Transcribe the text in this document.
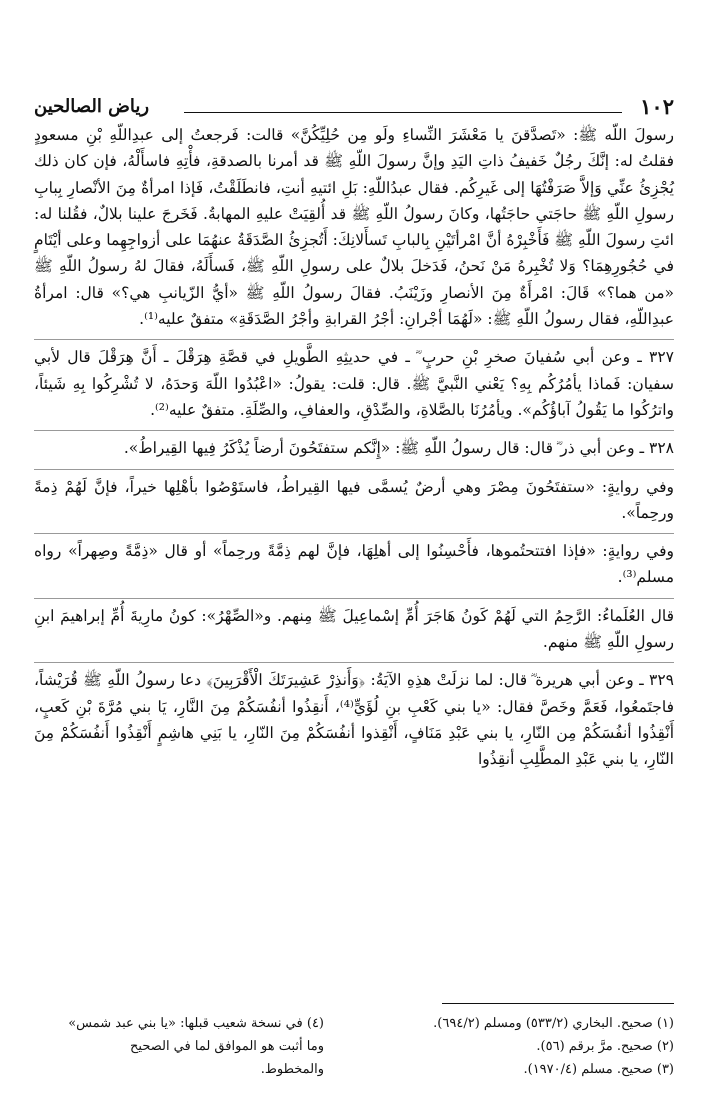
١٠٢
رياض الصالحين

رسولَ اللّه ﷺ: «تَصدَّقنَ يا مَعْشَرَ النِّساءِ ولَو مِن حُلِيِّكُنَّ» قالت: فَرجعتُ إلى عبدِاللّهِ بْنِ مسعودٍ فقلتُ له: إنَّكَ رجُلٌ خَفيفُ ذاتِ اليَدِ وإنَّ رسولَ اللّهِ ﷺ قد أمرنا بالصدقةِ، فأْتِهِ فاسأَلْهُ، فإن كان ذلك يُجْزِئُ عنِّي وَإلاَّ صَرَفْتُهَا إلى غَيرِكُم. فقال عبدُاللّهِ: بَلِ ائتيهِ أنتِ، فانطَلَقْتُ، فَإذا امرأةٌ مِنَ الأنْصارِ بِبابِ رسولِ اللّهِ ﷺ حاجَتي حاجَتُها، وكانَ رسولُ اللّهِ ﷺ قد أُلقِيَتْ عليهِ المهابةُ. فَخَرجَ علينا بلالٌ، فقُلنا له: ائتِ رسولَ اللّهِ ﷺ فَأَخْبِرْهُ أنَّ امْرأتَيْنِ بِالبابِ تَسأَلانِكَ: أَتُجزِئُ الصَّدَقَةُ عنهُمَا على أزواجِهِما وعلى أيْتَامٍ في حُجُورِهِمَا؟ وَلا تُخْبِرهُ مَنْ نَحنُ، فَدَخلَ بلالٌ على رسولِ اللّهِ ﷺ، فَسأَلَهُ، فقالَ لهُ رسولُ اللّهِ ﷺ «من هما؟» قَالَ: امْرأَةٌ مِنَ الأنصارِ وزَيْنَبُ. فقالَ رسولُ اللّهِ ﷺ «أيُّ الزّيانبِ هي؟» قال: امرأةُ عبدِاللّهِ، فقال رسولُ اللّهِ ﷺ: «لَهُمَا أجْرانِ: أجْرُ القرابةِ وأجْرُ الصَّدَقَةِ» متفقٌ عليه⁽¹⁾.

٣٢٧ ـ وعن أبي سُفيانَ صخرِ بْنِ حربٍ ؓ ـ في حديثِهِ الطَّويلِ في قصَّةِ هِرَقْلَ ـ أَنَّ هِرَقْلَ قال لأبي سفيان: فَماذا يأمُرُكُم بِهِ؟ يَعْني النَّبيَّ ﷺ. قال: قلت: يقولُ: «اعْبُدُوا اللّهَ وَحدَهُ، لا تُشْرِكُوا بِهِ شَيئاً، واترُكُوا ما يَقُولُ آباؤُكُم». ويأمُرُنَا بالصَّلاةِ، والصِّدْقِ، والعفافِ، والصِّلَةِ. متفقٌ عليه⁽²⁾.

٣٢٨ ـ وعن أبي ذر ؓ قال: قال رسولُ اللّهِ ﷺ: «إِنَّكم ستفتَحُونَ أرضاً يُذْكَرُ فِيها القِيراطُ».

وفي روايةٍ: «ستفتَحُونَ مِصْرَ وهي أرضٌ يُسمَّى فيها القِيراطُ، فاستَوْصُوا بأهْلِها خيراً، فإنَّ لَهُمْ ذِمةً ورحِماً».

وفي روايةٍ: «فإذا افتتحتُموها، فأَحْسِنُوا إلى أهلِهَا، فإنَّ لهم ذِمَّةً ورحِماً» أو قال «ذِمَّةً وصِهراً» رواه مسلم⁽³⁾.

قال العُلَماءُ: الرَّحِمُ التي لَهُمْ كَونُ هَاجَرَ أُمِّ إسْماعِيلَ ﷺ مِنهم. و«الصِّهْرُ»: كونُ مارِيةَ أُمِّ إبراهيمَ ابنِ رسولِ اللّهِ ﷺ منهم.

٣٢٩ ـ وعن أبي هريرة ؓ قال: لما نزلَتْ هذِهِ الآيَةُ: ﴿وَأَنذِرْ عَشِيرَتَكَ الْأَقْرَبِينَ﴾ دعا رسولُ اللّهِ ﷺ قُرَيْشاً، فاجتَمعُوا، فَعَمَّ وخَصَّ فقال: «يا بني كَعْبِ بنِ لُؤَيٍّ⁽⁴⁾، أَنقِذُوا أنفُسَكُمْ مِنَ النَّارِ، يَا بني مُرَّةَ بْنِ كَعبٍ، أَنْقِذُوا أنفُسَكُمْ مِن النّارِ، يا بني عَبْدِ مَنَافٍ، أَنْقِذوا أنفُسَكُمْ مِنَ النّارِ، يا بَنِي هاشِمٍ أَنْقِذُوا أَنفُسَكُمْ مِنَ النّارِ، يا بني عَبْدِ المطَّلِبِ أنقِذُوا

(١) صحيح. البخاري (٥٣٣/٢) ومسلم (٦٩٤/٢).

(٢) صحيح. مرَّ برقم (٥٦).

(٣) صحيح. مسلم (١٩٧٠/٤).

(٤) في نسخة شعيب قبلها: «يا بني عبد شمس»

وما أثبت هو الموافق لما في الصحيح

والمخطوط.
